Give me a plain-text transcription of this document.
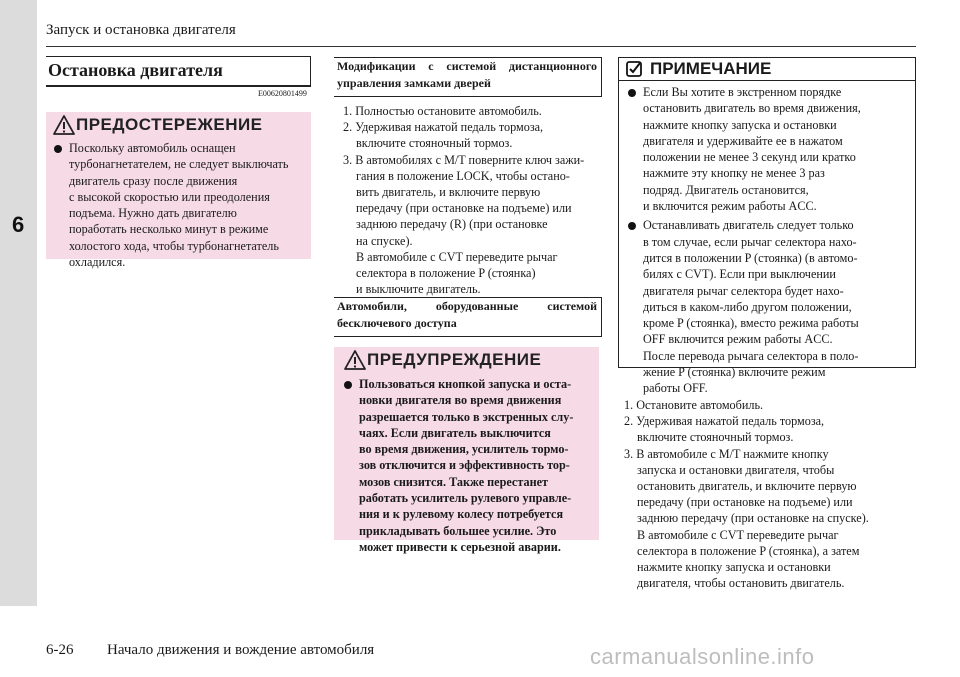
6
Запуск и остановка двигателя
Остановка двигателя
E00620801499
ПРЕДОСТЕРЕЖЕНИЕ
Поскольку автомобиль оснащен
турбонагнетателем, не следует выключать
двигатель сразу после движения
с высокой скоростью или преодоления
подъема. Нужно дать двигателю
поработать несколько минут в режиме
холостого хода, чтобы турбонагнетатель
охладился.
Модификации с системой дистанционного
управления замками дверей
1. Полностью остановите автомобиль.
2. Удерживая нажатой педаль тормоза,
включите стояночный тормоз.
3. В автомобилях с M/T поверните ключ зажи-
гания в положение LOCK, чтобы остано-
вить двигатель, и включите первую
передачу (при остановке на подъеме) или
заднюю передачу (R) (при остановке
на спуске).
В автомобиле с CVT переведите рычаг
селектора в положение P (стоянка)
и выключите двигатель.
Автомобили, оборудованные системой
бесключевого доступа
ПРЕДУПРЕЖДЕНИЕ
Пользоваться кнопкой запуска и оста-
новки двигателя во время движения
разрешается только в экстренных слу-
чаях. Если двигатель выключится
во время движения, усилитель тормо-
зов отключится и эффективность тор-
мозов снизится. Также перестанет
работать усилитель рулевого управле-
ния и к рулевому колесу потребуется
прикладывать большее усилие. Это
может привести к серьезной аварии.
ПРИМЕЧАНИЕ
Если Вы хотите в экстренном порядке
остановить двигатель во время движения,
нажмите кнопку запуска и остановки
двигателя и удерживайте ее в нажатом
положении не менее 3 секунд или кратко
нажмите эту кнопку не менее 3 раз
подряд. Двигатель остановится,
и включится режим работы ACC.
Останавливать двигатель следует только
в том случае, если рычаг селектора нахо-
дится в положении P (стоянка) (в автомо-
билях с CVT). Если при выключении
двигателя рычаг селектора будет нахо-
диться в каком-либо другом положении,
кроме P (стоянка), вместо режима работы
OFF включится режим работы ACC.
После перевода рычага селектора в поло-
жение P (стоянка) включите режим
работы OFF.
1. Остановите автомобиль.
2. Удерживая нажатой педаль тормоза,
включите стояночный тормоз.
3. В автомобиле с M/T нажмите кнопку
запуска и остановки двигателя, чтобы
остановить двигатель, и включите первую
передачу (при остановке на подъеме) или
заднюю передачу (при остановке на спуске).
В автомобиле с CVT переведите рычаг
селектора в положение P (стоянка), а затем
нажмите кнопку запуска и остановки
двигателя, чтобы остановить двигатель.
6-26 Начало движения и вождение автомобиля	carmanualsonline.info
